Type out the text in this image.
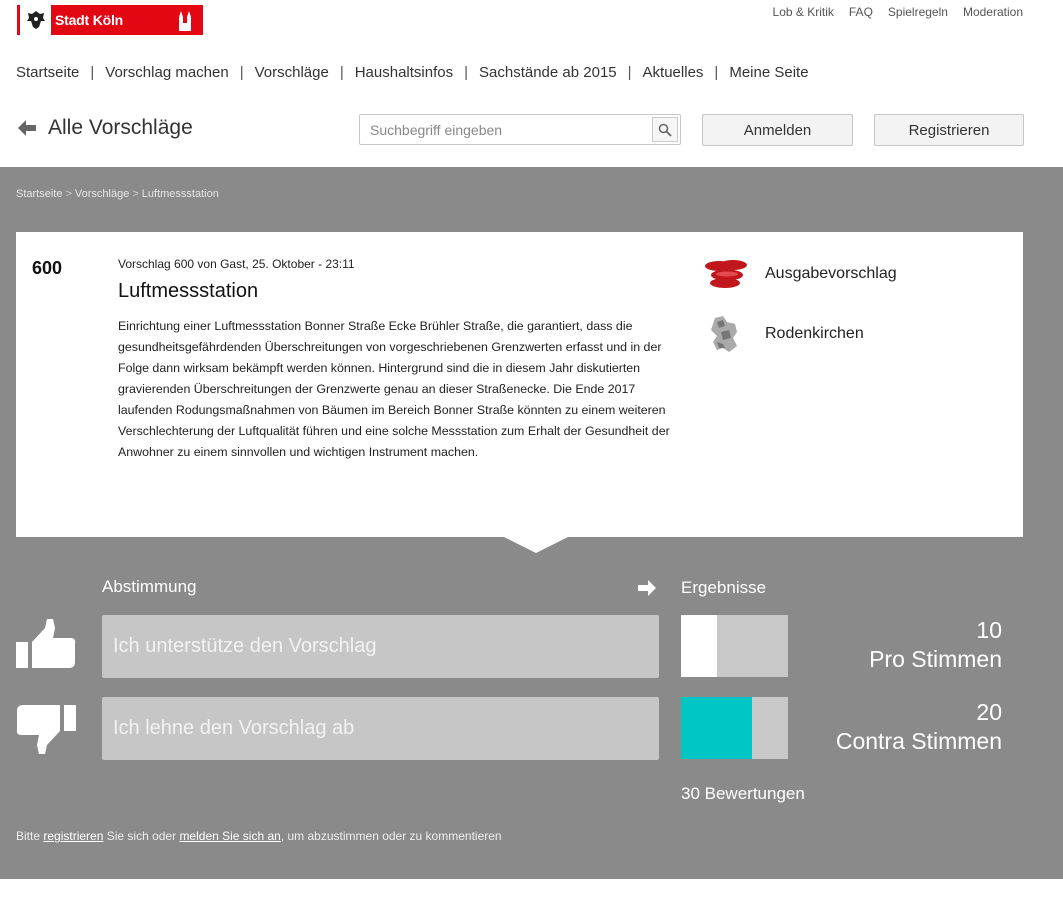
Stadt Köln	Lob & Kritik FAQ Spielregeln Moderation
Startseite | Vorschlag machen | Vorschläge | Haushaltsinfos | Sachstände ab 2015 | Aktuelles | Meine Seite
Alle Vorschläge
Suchbegriff eingeben	Anmelden	Registrieren
Startseite > Vorschläge > Luftmessstation
600	Vorschlag 600 von Gast, 25. Oktober - 23:11
Luftmessstation
Einrichtung einer Luftmessstation Bonner Straße Ecke Brühler Straße, die garantiert, dass die gesundheitsgefährdenden Überschreitungen von vorgeschriebenen Grenzwerten erfasst und in der Folge dann wirksam bekämpft werden können. Hintergrund sind die in diesem Jahr diskutierten gravierenden Überschreitungen der Grenzwerte genau an dieser Straßenecke. Die Ende 2017 laufenden Rodungsmaßnahmen von Bäumen im Bereich Bonner Straße könnten zu einem weiteren Verschlechterung der Luftqualität führen und eine solche Messstation zum Erhalt der Gesundheit der Anwohner zu einem sinnvollen und wichtigen Instrument machen.
Ausgabevorschlag
Rodenkirchen
Abstimmung	Ergebnisse
Ich unterstütze den Vorschlag
Ich lehne den Vorschlag ab
10
Pro Stimmen
20
Contra Stimmen
30 Bewertungen
Bitte registrieren Sie sich oder melden Sie sich an, um abzustimmen oder zu kommentieren
